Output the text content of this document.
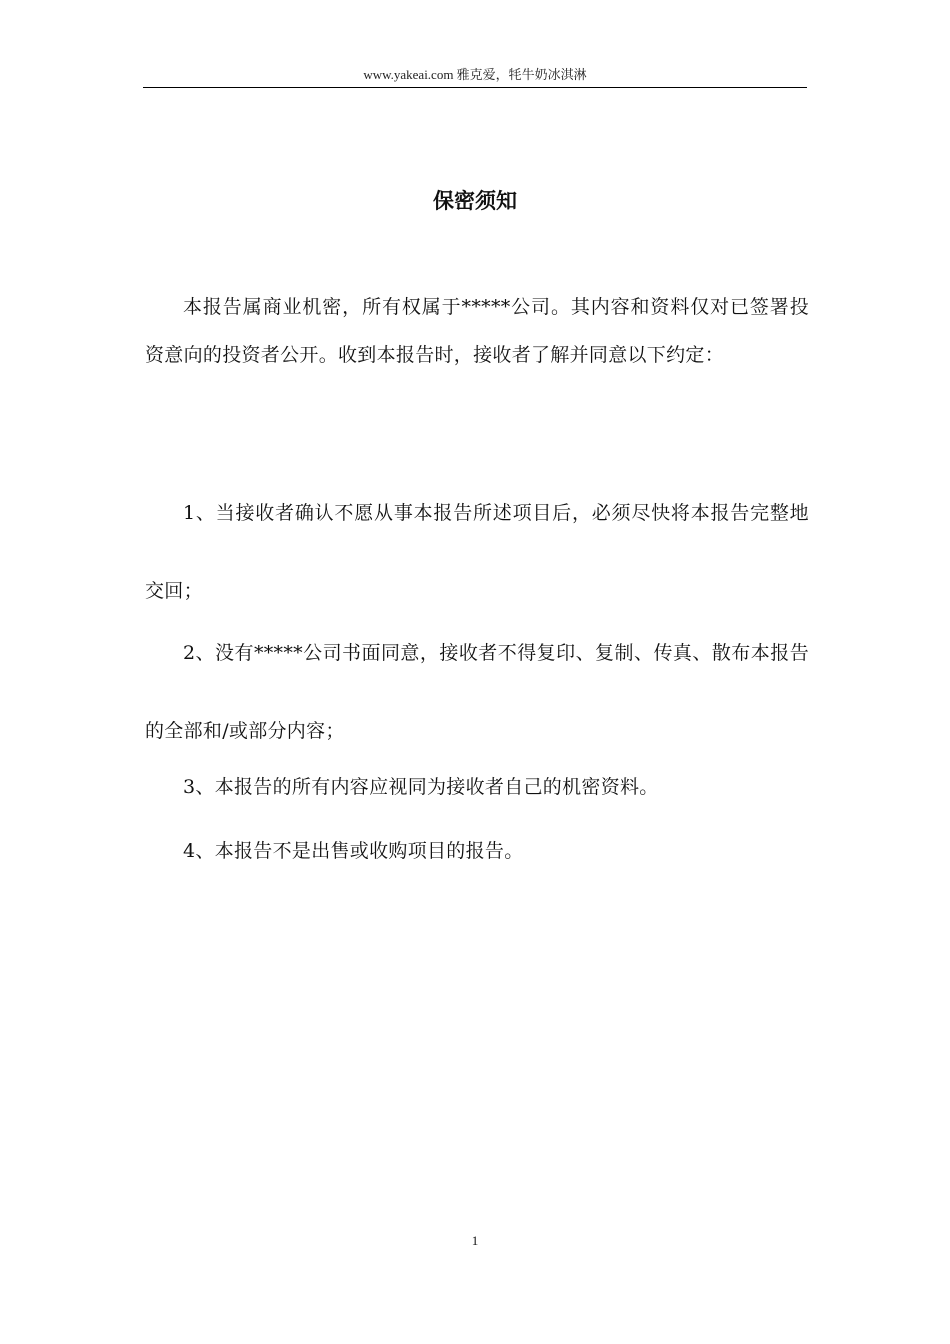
www.yakeai.com 雅克爱，牦牛奶冰淇淋
保密须知

本报告属商业机密，所有权属于*****公司。其内容和资料仅对已签署投资意向的投资者公开。收到本报告时，接收者了解并同意以下约定：

1、当接收者确认不愿从事本报告所述项目后，必须尽快将本报告完整地交回；

2、没有*****公司书面同意，接收者不得复印、复制、传真、散布本报告的全部和/或部分内容；

3、本报告的所有内容应视同为接收者自己的机密资料。

4、本报告不是出售或收购项目的报告。

1
